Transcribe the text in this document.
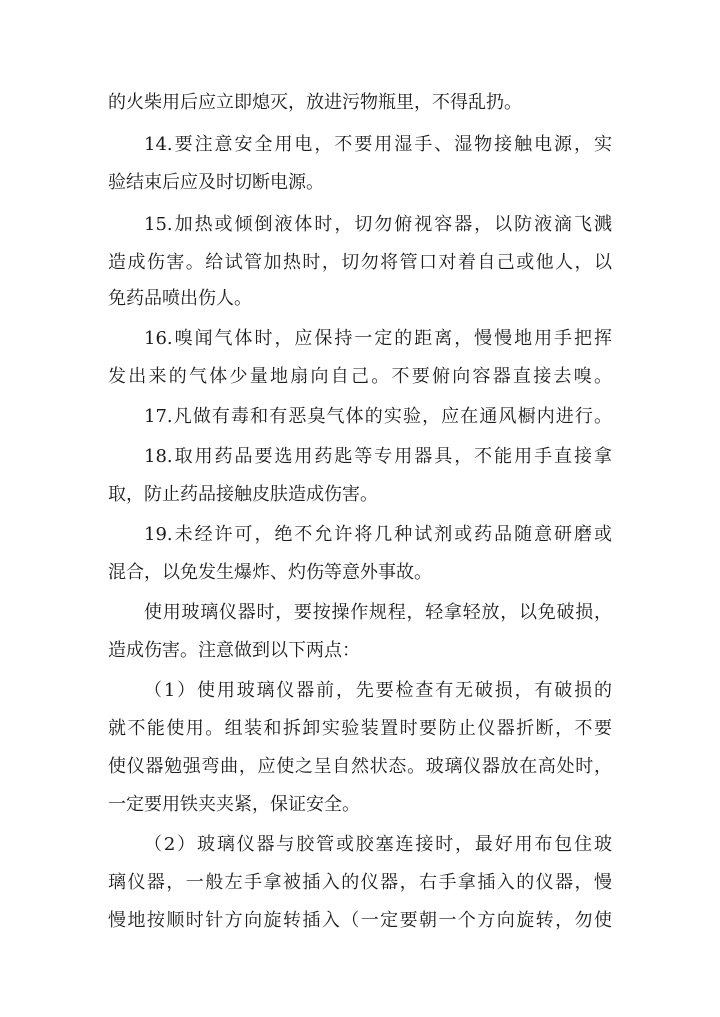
的火柴用后应立即熄灭，放进污物瓶里，不得乱扔。
14.要注意安全用电，不要用湿手、湿物接触电源，实
验结束后应及时切断电源。
15.加热或倾倒液体时，切勿俯视容器，以防液滴飞溅
造成伤害。给试管加热时，切勿将管口对着自己或他人，以
免药品喷出伤人。
16.嗅闻气体时，应保持一定的距离，慢慢地用手把挥
发出来的气体少量地扇向自己。不要俯向容器直接去嗅。
17.凡做有毒和有恶臭气体的实验，应在通风橱内进行。
18.取用药品要选用药匙等专用器具，不能用手直接拿
取，防止药品接触皮肤造成伤害。
19.未经许可，绝不允许将几种试剂或药品随意研磨或
混合，以免发生爆炸、灼伤等意外事故。
使用玻璃仪器时，要按操作规程，轻拿轻放，以免破损，
造成伤害。注意做到以下两点：
（1）使用玻璃仪器前，先要检查有无破损，有破损的
就不能使用。组装和拆卸实验装置时要防止仪器折断，不要
使仪器勉强弯曲，应使之呈自然状态。玻璃仪器放在高处时，
一定要用铁夹夹紧，保证安全。
（2）玻璃仪器与胶管或胶塞连接时，最好用布包住玻
璃仪器，一般左手拿被插入的仪器，右手拿插入的仪器，慢
慢地按顺时针方向旋转插入（一定要朝一个方向旋转，勿使
